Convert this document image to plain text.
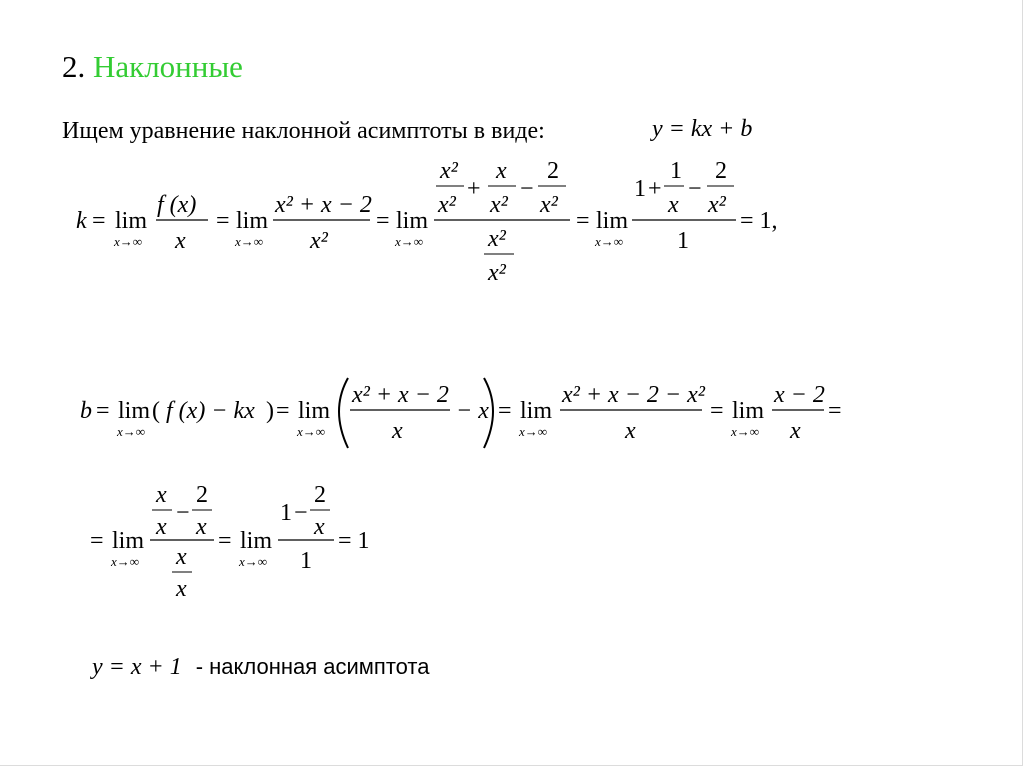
2. Наклонные
Ищем уравнение наклонной асимптоты в виде:	y = kx + b
k = lim
x→∞
f (x)
x
= lim
x→∞
x² + x − 2
x²
= lim
x→∞
x²
x²
+
x
x²
−
2
x²
x²
x²
= lim
x→∞
1 +
1
x
−
2
x²
1
= 1,
b = lim
x→∞
( f (x) − kx ) = lim
x→∞
x² + x − 2
x
− x = lim
x→∞
x² + x − 2 − x²
x
= lim
x→∞
x − 2
x
=
= lim
x→∞
x
x
−
2
x
x
x
= lim
x→∞
1 −
2
x
1
= 1
y = x + 1 - наклонная асимптота
